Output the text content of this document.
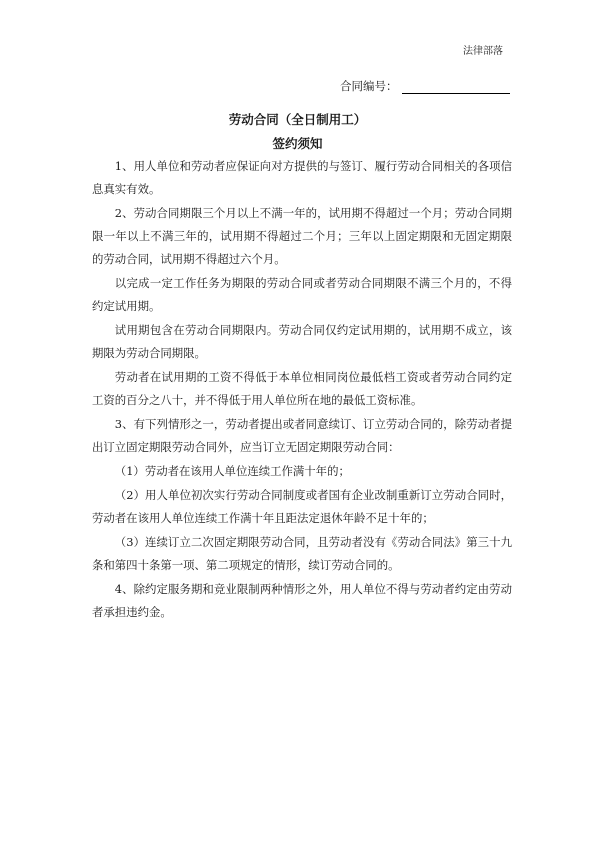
法律部落
合同编号：
劳动合同（全日制用工）
签约须知

1、用人单位和劳动者应保证向对方提供的与签订、履行劳动合同相关的各项信息真实有效。

2、劳动合同期限三个月以上不满一年的，试用期不得超过一个月；劳动合同期限一年以上不满三年的，试用期不得超过二个月；三年以上固定期限和无固定期限的劳动合同，试用期不得超过六个月。

以完成一定工作任务为期限的劳动合同或者劳动合同期限不满三个月的，不得约定试用期。

试用期包含在劳动合同期限内。劳动合同仅约定试用期的，试用期不成立，该期限为劳动合同期限。

劳动者在试用期的工资不得低于本单位相同岗位最低档工资或者劳动合同约定工资的百分之八十，并不得低于用人单位所在地的最低工资标准。

3、有下列情形之一，劳动者提出或者同意续订、订立劳动合同的，除劳动者提出订立固定期限劳动合同外，应当订立无固定期限劳动合同：

（1）劳动者在该用人单位连续工作满十年的；

（2）用人单位初次实行劳动合同制度或者国有企业改制重新订立劳动合同时，劳动者在该用人单位连续工作满十年且距法定退休年龄不足十年的；

（3）连续订立二次固定期限劳动合同，且劳动者没有《劳动合同法》第三十九条和第四十条第一项、第二项规定的情形，续订劳动合同的。

4、除约定服务期和竞业限制两种情形之外，用人单位不得与劳动者约定由劳动者承担违约金。
